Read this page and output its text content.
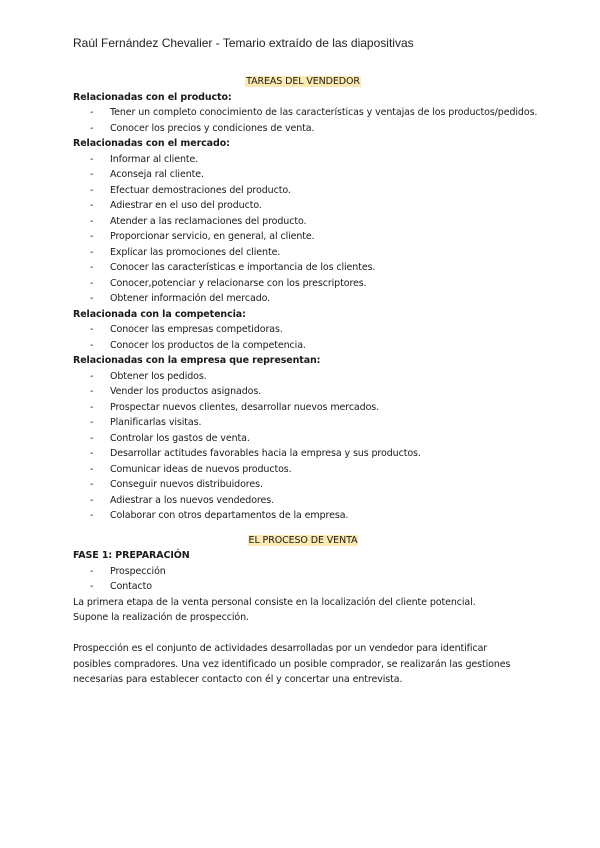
Raúl Fernández Chevalier - Temario extraído de las diapositivas

TAREAS DEL VENDEDOR

Relacionadas con el producto:

- Tener un completo conocimiento de las características y ventajas de los productos/pedidos.
- Conocer los precios y condiciones de venta.

Relacionadas con el mercado:

- Informar al cliente.
- Aconseja ral cliente.
- Efectuar demostraciones del producto.
- Adiestrar en el uso del producto.
- Atender a las reclamaciones del producto.
- Proporcionar servicio, en general, al cliente.
- Explicar las promociones del cliente.
- Conocer las características e importancia de los clientes.
- Conocer,potenciar y relacionarse con los prescriptores.
- Obtener información del mercado.

Relacionada con la competencia:

- Conocer las empresas competidoras.
- Conocer los productos de la competencia.

Relacionadas con la empresa que representan:

- Obtener los pedidos.
- Vender los productos asignados.
- Prospectar nuevos clientes, desarrollar nuevos mercados.
- Planificarlas visitas.
- Controlar los gastos de venta.
- Desarrollar actitudes favorables hacia la empresa y sus productos.
- Comunicar ideas de nuevos productos.
- Conseguir nuevos distribuidores.
- Adiestrar a los nuevos vendedores.
- Colaborar con otros departamentos de la empresa.

EL PROCESO DE VENTA

FASE 1: PREPARACIÓN

- Prospección
- Contacto

La primera etapa de la venta personal consiste en la localización del cliente potencial. Supone la realización de prospección.

Prospección es el conjunto de actividades desarrolladas por un vendedor para identificar posibles compradores. Una vez identificado un posible comprador, se realizarán las gestiones necesarias para establecer contacto con él y concertar una entrevista.
